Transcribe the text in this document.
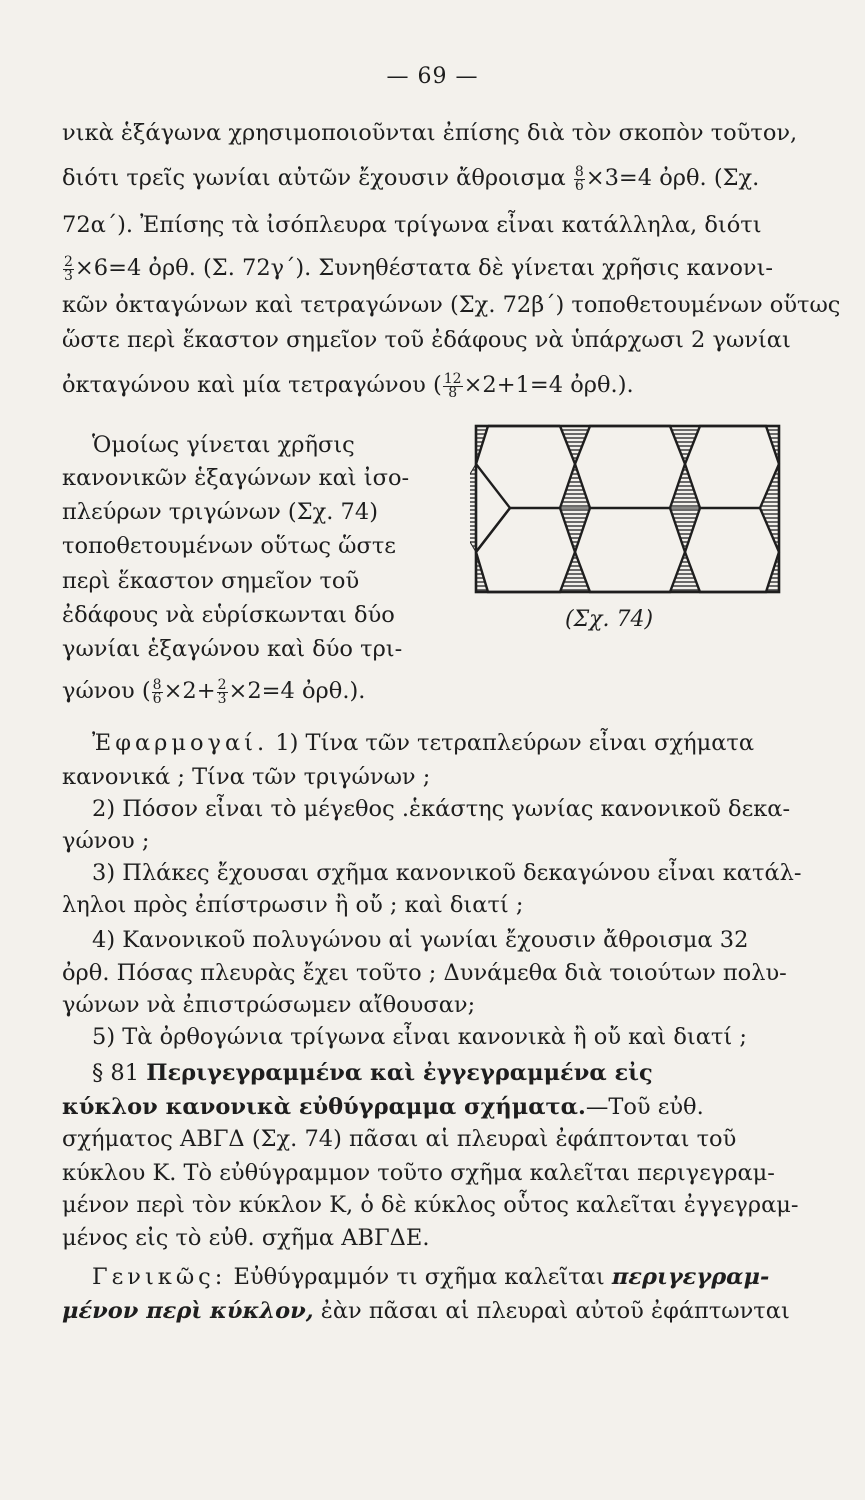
— 69 —
νικὰ ἑξάγωνα χρησιμοποιοῦνται ἐπίσης διὰ τὸν σκοπὸν τοῦτον,
διότι τρεῖς γωνίαι αὐτῶν ἔχουσιν ἄθροισμα $\frac{8}{6} \times 3=4$ ὀρθ. (Σχ.
72α΄). Ἐπίσης τὰ ἰσόπλευρα τρίγωνα εἶναι κατάλληλα, διότι
$\frac{2}{3} \times 6=4$ ὀρθ. (Σ. 72γ΄). Συνηθέστατα δὲ γίνεται χρῆσις κανονι-
κῶν ὀκταγώνων καὶ τετραγώνων (Σχ. 72β΄) τοποθετουμένων οὕτως
ὥστε περὶ ἕκαστον σημεῖον τοῦ ἐδάφους νὰ ὑπάρχωσι 2 γωνίαι
ὀκταγώνου καὶ μία τετραγώνου ( $\frac{12}{8} \times 2+1=4$ ὀρθ.).
Ὁμοίως γίνεται χρῆσις
κανονικῶν ἑξαγώνων καὶ ἰσο-
πλεύρων τριγώνων (Σχ. 74)
τοποθετουμένων οὕτως ὥστε
περὶ ἕκαστον σημεῖον τοῦ
ἐδάφους νὰ εὑρίσκωνται δύο
γωνίαι ἑξαγώνου καὶ δύο τρι-
γώνου ( $\frac{8}{6} \times 2+ \frac{2}{3} \times 2=4$ ὀρθ.).
(Σχ. 74)
Ἐφαρμογαί. 1) Τίνα τῶν τετραπλεύρων εἶναι σχήματα
κανονικά ; Τίνα τῶν τριγώνων ;
2) Πόσον εἶναι τὸ μέγεθος .ἑκάστης γωνίας κανονικοῦ δεκα-
γώνου ;
3) Πλάκες ἔχουσαι σχῆμα κανονικοῦ δεκαγώνου εἶναι κατάλ-
ληλοι πρὸς ἐπίστρωσιν ἢ οὔ ; καὶ διατί ;
4) Κανονικοῦ πολυγώνου αἱ γωνίαι ἔχουσιν ἄθροισμα 32
ὀρθ. Πόσας πλευρὰς ἔχει τοῦτο ; Δυνάμεθα διὰ τοιούτων πολυ-
γώνων νὰ ἐπιστρώσωμεν αἴθουσαν;
5) Τὰ ὀρθογώνια τρίγωνα εἶναι κανονικὰ ἢ οὔ καὶ διατί ;
§ 81 Περιγεγραμμένα καὶ ἐγγεγραμμένα εἰς
κύκλον κανονικὰ εὐθύγραμμα σχήματα.—Τοῦ εὐθ.
σχήματος ΑΒΓΔ (Σχ. 74) πᾶσαι αἱ πλευραὶ ἐφάπτονται τοῦ
κύκλου Κ. Τὸ εὐθύγραμμον τοῦτο σχῆμα καλεῖται περιγεγραμ-
μένον περὶ τὸν κύκλον Κ, ὁ δὲ κύκλος οὗτος καλεῖται ἐγγεγραμ-
μένος εἰς τὸ εὐθ. σχῆμα ΑΒΓΔΕ.
Γενικῶς: Εὐθύγραμμόν τι σχῆμα καλεῖται περιγεγραμ-
μένον περὶ κύκλον, ἐὰν πᾶσαι αἱ πλευραὶ αὐτοῦ ἐφάπτωνται
